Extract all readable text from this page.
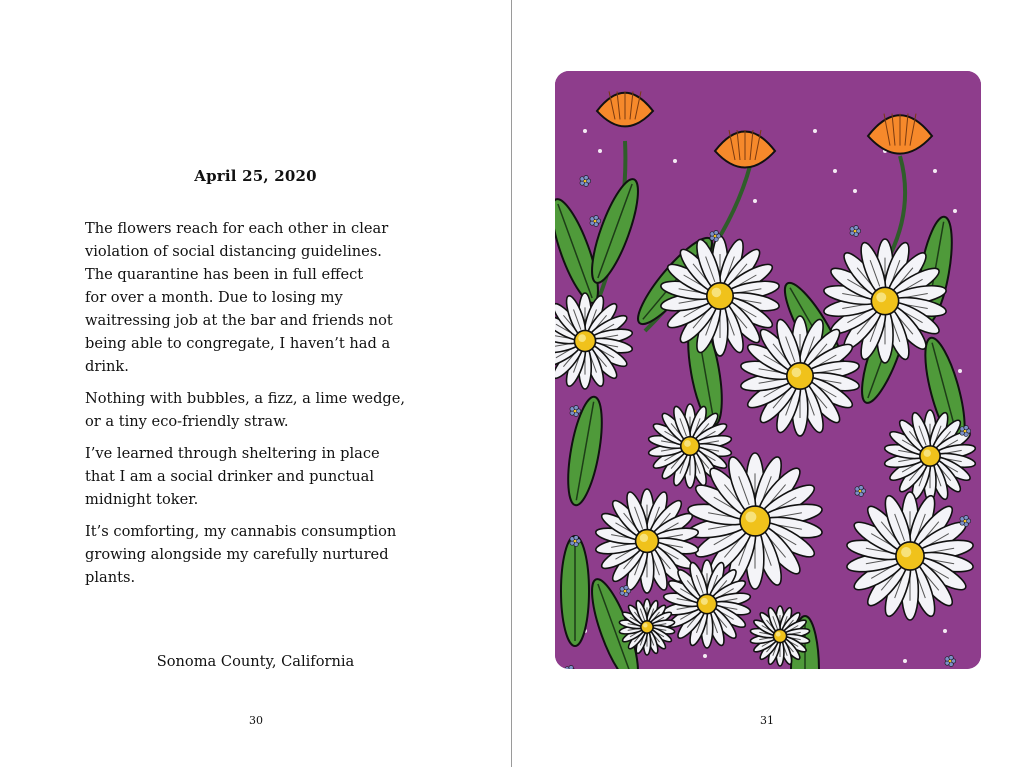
April 25, 2020

The flowers reach for each other in clear
violation of social distancing guidelines.
The quarantine has been in full effect
for over a month. Due to losing my
waitressing job at the bar and friends not
being able to congregate, I haven’t had a
drink.

Nothing with bubbles, a fizz, a lime wedge,
or a tiny eco-friendly straw.

I’ve learned through sheltering in place
that I am a social drinker and punctual
midnight toker.

It’s comforting, my cannabis consumption
growing alongside my carefully nurtured
plants.

Sonoma County, California
30	31
